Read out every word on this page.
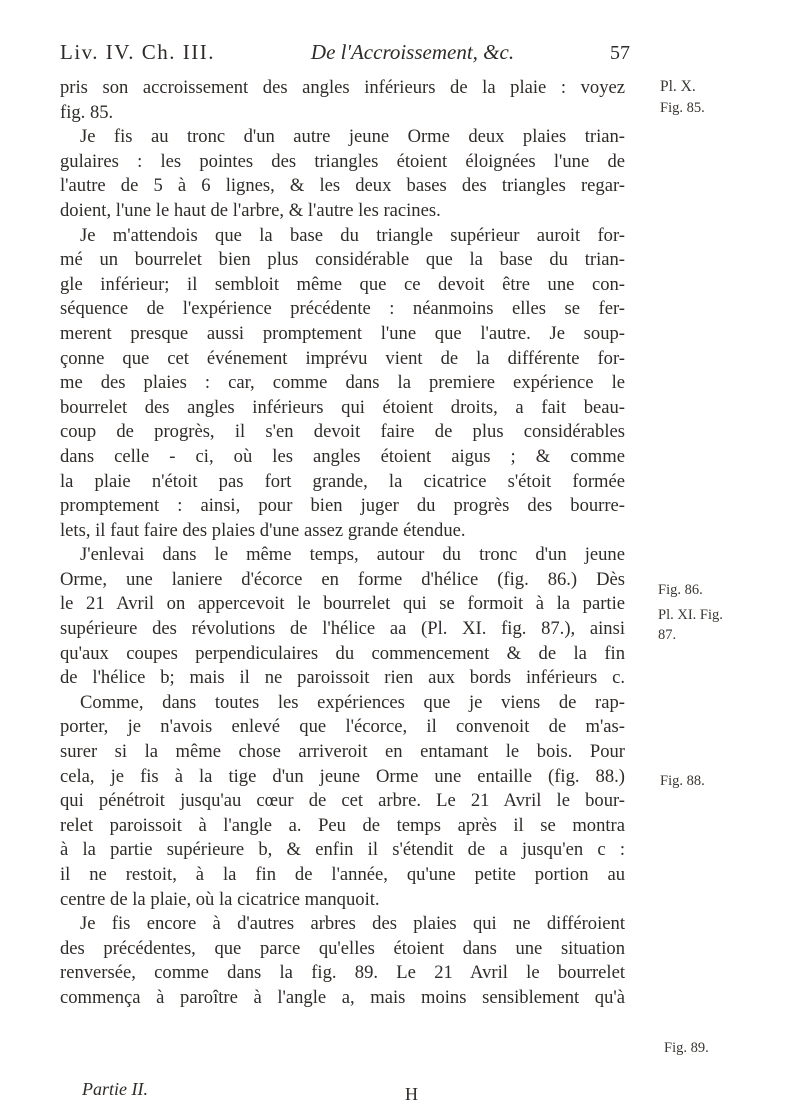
Liv. IV. Ch. III.	De l'Accroissement, &c.	57
pris son accroissement des angles inférieurs de la plaie : voyez
fig. 85.
Je fis au tronc d'un autre jeune Orme deux plaies trian-
gulaires : les pointes des triangles étoient éloignées l'une de
l'autre de 5 à 6 lignes, & les deux bases des triangles regar-
doient, l'une le haut de l'arbre, & l'autre les racines.
Je m'attendois que la base du triangle supérieur auroit for-
mé un bourrelet bien plus considérable que la base du trian-
gle inférieur; il sembloit même que ce devoit être une con-
séquence de l'expérience précédente : néanmoins elles se fer-
merent presque aussi promptement l'une que l'autre. Je soup-
çonne que cet événement imprévu vient de la différente for-
me des plaies : car, comme dans la premiere expérience le
bourrelet des angles inférieurs qui étoient droits, a fait beau-
coup de progrès, il s'en devoit faire de plus considérables
dans celle - ci, où les angles étoient aigus ; & comme
la plaie n'étoit pas fort grande, la cicatrice s'étoit formée
promptement : ainsi, pour bien juger du progrès des bourre-
lets, il faut faire des plaies d'une assez grande étendue.
J'enlevai dans le même temps, autour du tronc d'un jeune
Orme, une laniere d'écorce en forme d'hélice (fig. 86.) Dès
le 21 Avril on appercevoit le bourrelet qui se formoit à la partie
supérieure des révolutions de l'hélice aa (Pl. XI. fig. 87.), ainsi
qu'aux coupes perpendiculaires du commencement & de la fin
de l'hélice b; mais il ne paroissoit rien aux bords inférieurs c.
Comme, dans toutes les expériences que je viens de rap-
porter, je n'avois enlevé que l'écorce, il convenoit de m'as-
surer si la même chose arriveroit en entamant le bois. Pour
cela, je fis à la tige d'un jeune Orme une entaille (fig. 88.)
qui pénétroit jusqu'au cœur de cet arbre. Le 21 Avril le bour-
relet paroissoit à l'angle a. Peu de temps après il se montra
à la partie supérieure b, & enfin il s'étendit de a jusqu'en c :
il ne restoit, à la fin de l'année, qu'une petite portion au
centre de la plaie, où la cicatrice manquoit.
Je fis encore à d'autres arbres des plaies qui ne différoient
des précédentes, que parce qu'elles étoient dans une situation
renversée, comme dans la fig. 89. Le 21 Avril le bourrelet
commença à paroître à l'angle a, mais moins sensiblement qu'à
Pl. X.
Fig. 85.
Fig. 86.
Pl. XI. Fig.
87.
Fig. 88.
Fig. 89.
Partie II.	H
